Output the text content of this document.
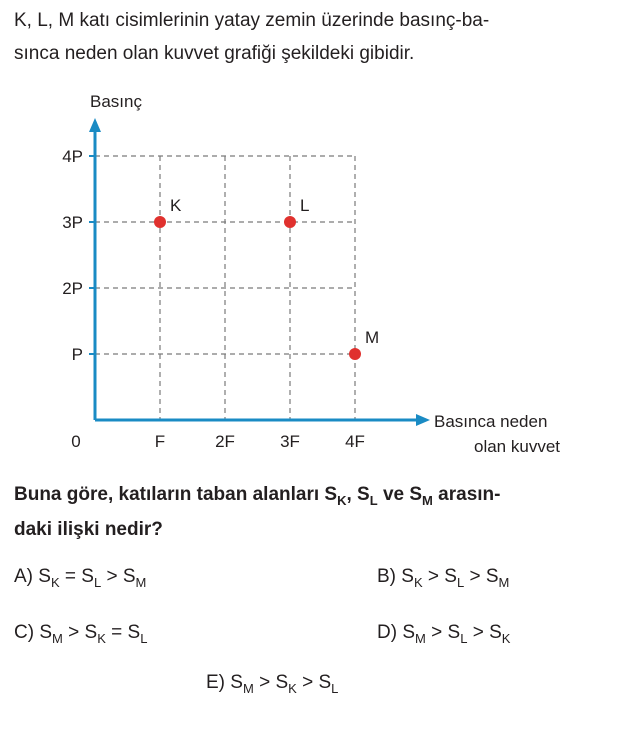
K, L, M katı cisimlerinin yatay zemin üzerinde basınç-ba-
sınca neden olan kuvvet grafiği şekildeki gibidir.
P
2P
3P
4P
F	2F	3F	4F
0
Basınç
Basınca neden
olan kuvvet
K	L
M
Buna göre, katıların taban alanları $S_K$, $S_L$ ve $S_M$ arasın-
daki ilişki nedir?
A) $S_K = S_L > S_M$	B) $S_K > S_L > S_M$
C) $S_M > S_K = S_L$	D) $S_M > S_L > S_K$
E) $S_M > S_K > S_L$
